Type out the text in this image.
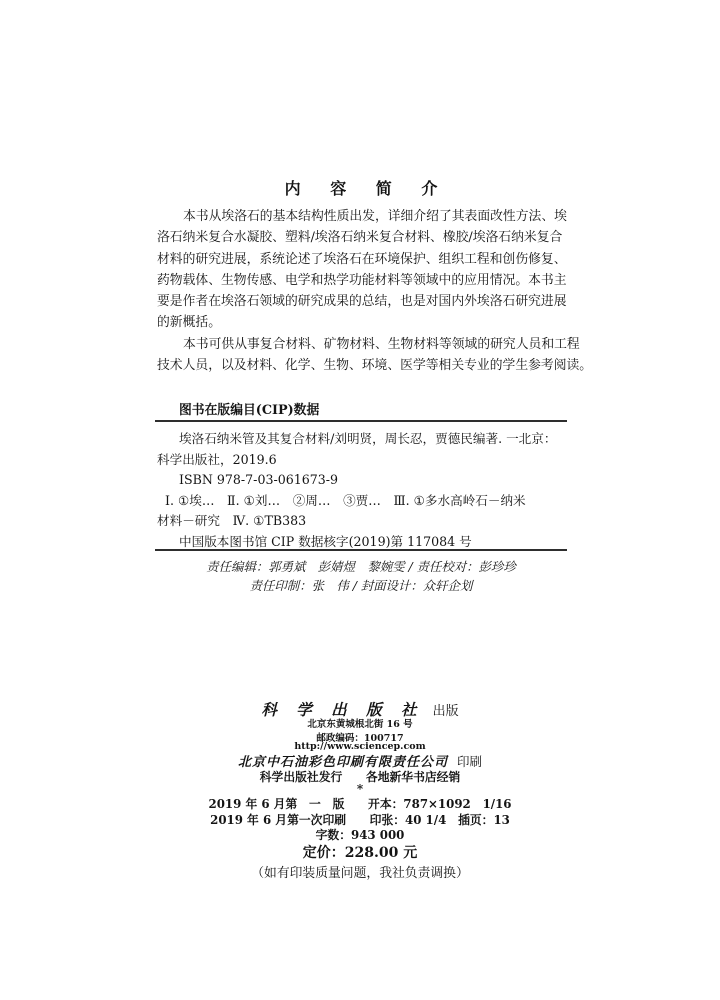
内 容 简 介
本书从埃洛石的基本结构性质出发，详细介绍了其表面改性方法、埃
洛石纳米复合水凝胶、塑料/埃洛石纳米复合材料、橡胶/埃洛石纳米复合
材料的研究进展，系统论述了埃洛石在环境保护、组织工程和创伤修复、
药物载体、生物传感、电学和热学功能材料等领域中的应用情况。本书主
要是作者在埃洛石领域的研究成果的总结，也是对国内外埃洛石研究进展
的新概括。
本书可供从事复合材料、矿物材料、生物材料等领域的研究人员和工程
技术人员，以及材料、化学、生物、环境、医学等相关专业的学生参考阅读。
图书在版编目(CIP)数据
埃洛石纳米管及其复合材料/刘明贤，周长忍，贾德民编著. 一北京：
科学出版社，2019.6
ISBN 978-7-03-061673-9
Ⅰ. ①埃…　Ⅱ. ①刘…　②周…　③贾…　Ⅲ. ①多水高岭石－纳米
材料－研究　Ⅳ. ①TB383
中国版本图书馆 CIP 数据核字(2019)第 117084 号
责任编辑：郭勇斌　彭婧煜　黎婉雯 / 责任校对：彭珍珍
责任印制：张　伟 / 封面设计：众轩企划
科 学 出 版 社 出版
北京东黄城根北街 16 号
邮政编码：100717
http://www.sciencep.com
北京中石油彩色印刷有限责任公司 印刷
科学出版社发行　　各地新华书店经销
*
2019 年 6 月第　一　版　　开本：787×1092　1/16
2019 年 6 月第一次印刷　　印张：40 1/4　插页：13
字数：943 000
定价：228.00 元
（如有印装质量问题，我社负责调换）
